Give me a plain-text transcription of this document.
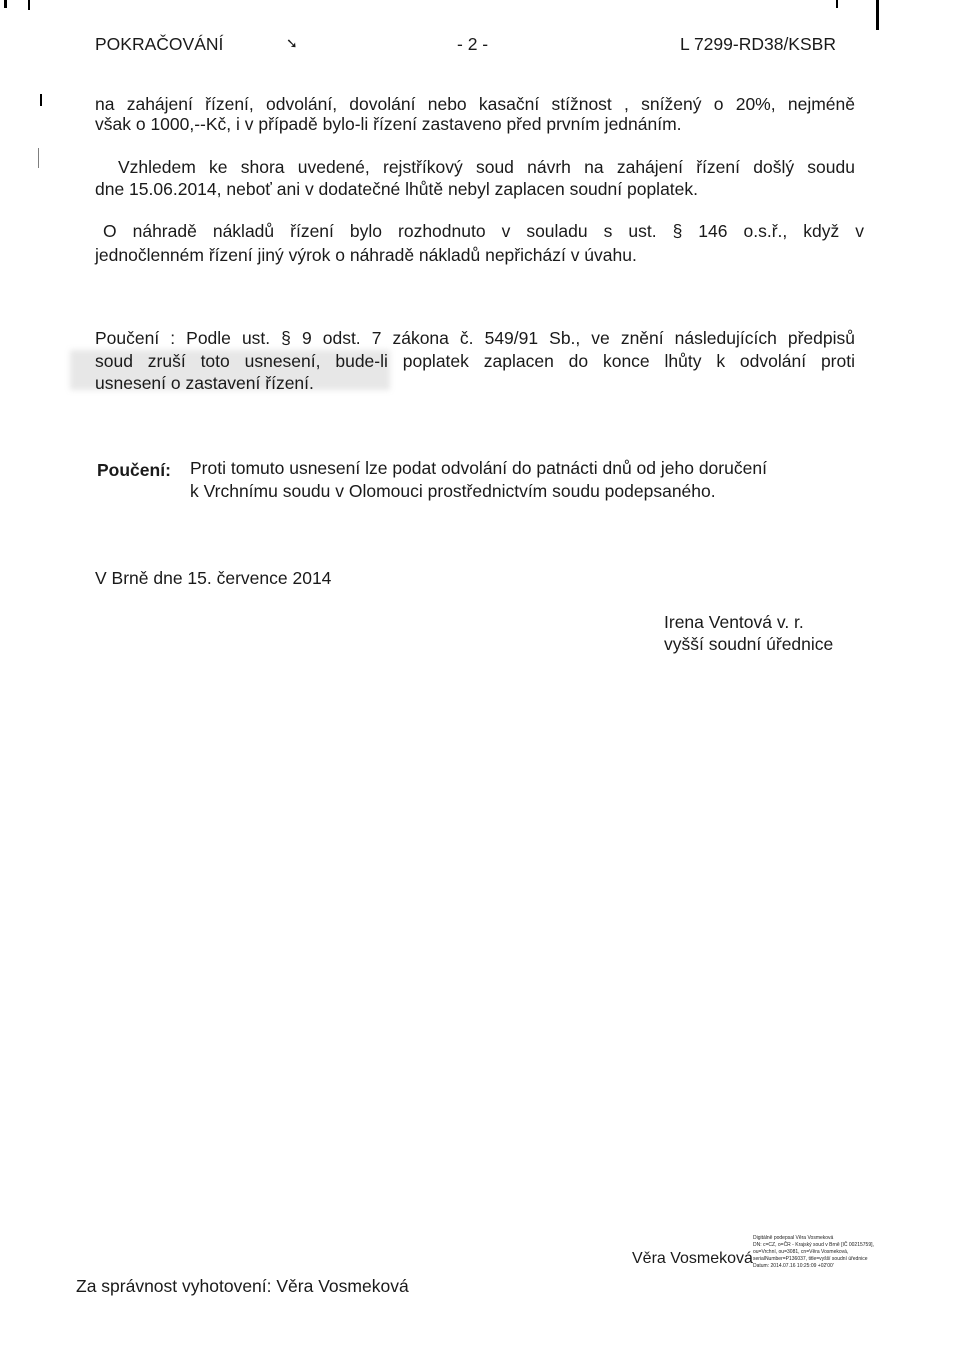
POKRAČOVÁNÍ	➘	- 2 -	L 7299-RD38/KSBR
na zahájení řízení, odvolání, dovolání nebo kasační stížnost , snížený o 20%, nejméně
však o 1000,--Kč, i v případě bylo-li řízení zastaveno před prvním jednáním.
Vzhledem ke shora uvedené, rejstříkový soud návrh na zahájení řízení došlý soudu
dne 15.06.2014, neboť ani v dodatečné lhůtě nebyl zaplacen soudní poplatek.
O náhradě nákladů řízení bylo rozhodnuto v souladu s ust. § 146 o.s.ř., když v
jednočlenném řízení jiný výrok o náhradě nákladů nepřichází v úvahu.
Poučení : Podle ust. § 9 odst. 7 zákona č. 549/91 Sb., ve znění následujících předpisů
soud zruší toto usnesení, bude-li poplatek zaplacen do konce lhůty k odvolání proti
usnesení o zastavení řízení.
Poučení: Proti tomuto usnesení lze podat odvolání do patnácti dnů od jeho doručení
k Vrchnímu soudu v Olomouci prostřednictvím soudu podepsaného.
V Brně dne 15. července 2014
Irena Ventová v. r.
vyšší soudní úřednice
Věra Vosmeková
Digitálně podepsal Věra Vosmeková
DN: c=CZ, o=ČR - Krajský soud v Brně [IČ 00215759],
ou=Vrchní, ou=3081, cn=Věra Vosmeková,
serialNumber=P136037, title=vyšší soudní úřednice
Datum: 2014.07.16 10:25:09 +02'00'
Za správnost vyhotovení: Věra Vosmeková
